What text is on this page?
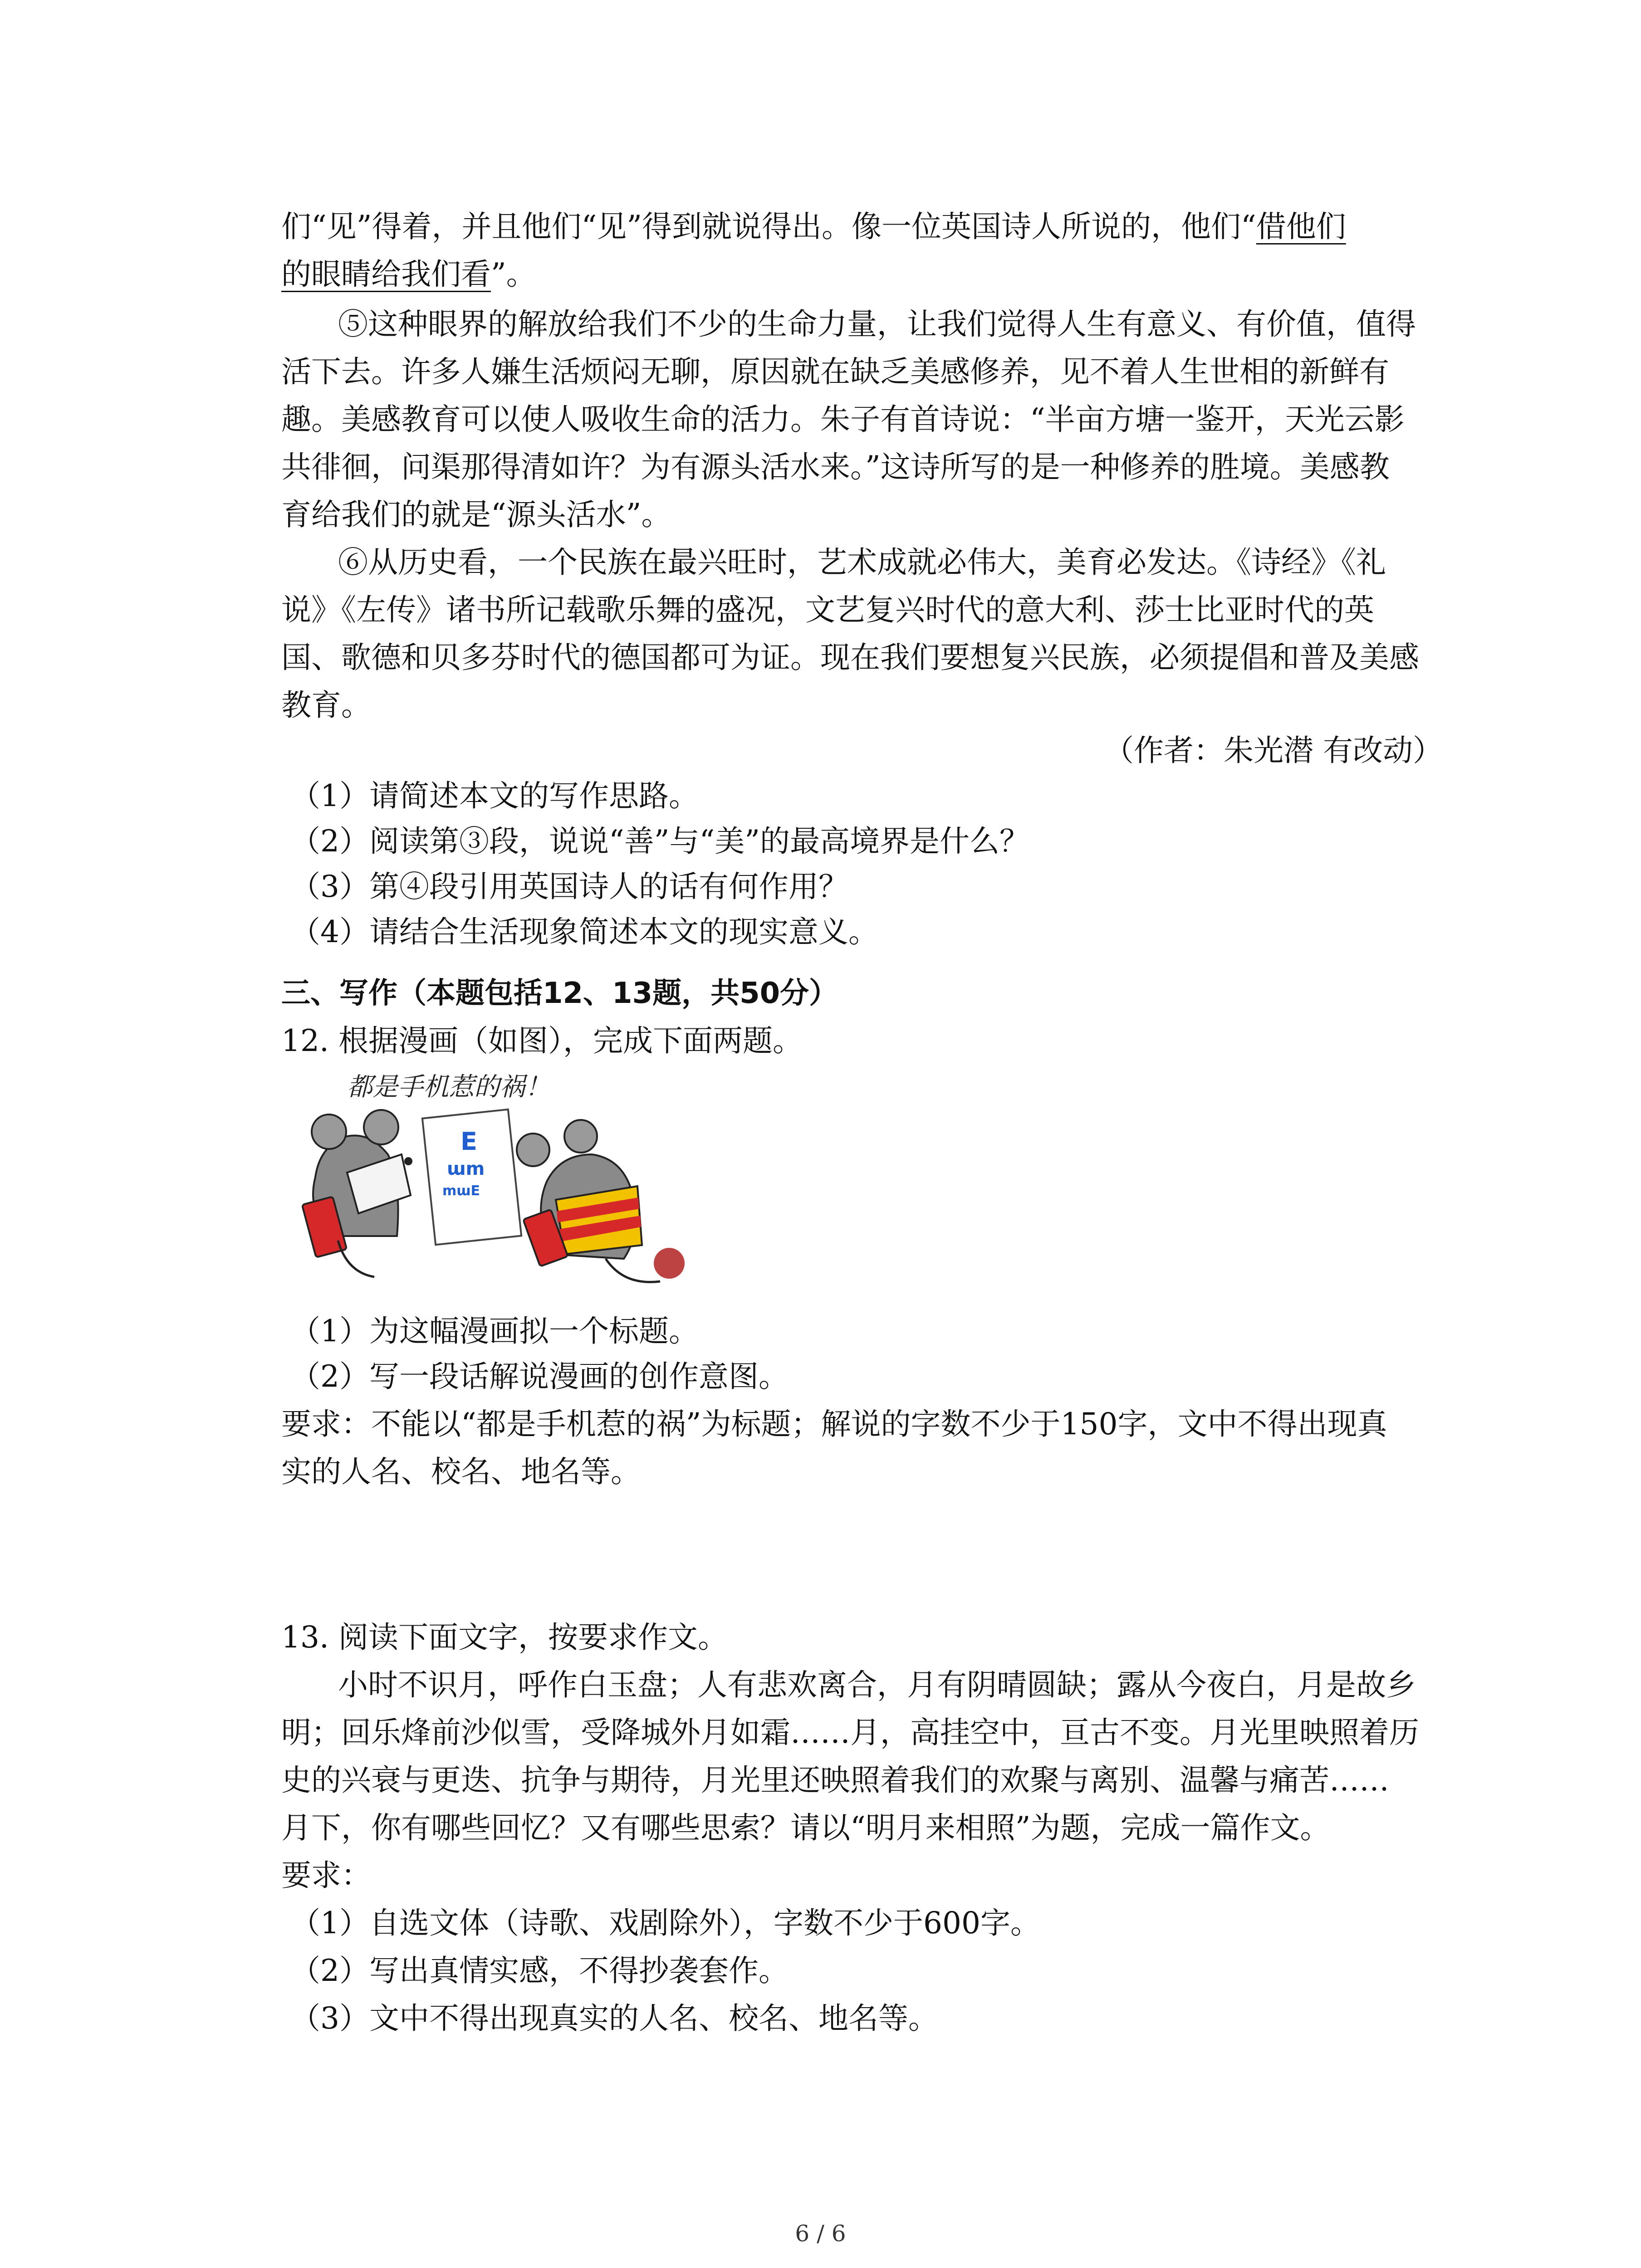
们“见”得着，并且他们“见”得到就说得出。像一位英国诗人所说的，他们“借他们
的眼睛给我们看”。
⑤这种眼界的解放给我们不少的生命力量，让我们觉得人生有意义、有价值，值得
活下去。许多人嫌生活烦闷无聊，原因就在缺乏美感修养，见不着人生世相的新鲜有
趣。美感教育可以使人吸收生命的活力。朱子有首诗说：“半亩方塘一鉴开，天光云影
共徘徊，问渠那得清如许？为有源头活水来。”这诗所写的是一种修养的胜境。美感教
育给我们的就是“源头活水”。
⑥从历史看，一个民族在最兴旺时，艺术成就必伟大，美育必发达。《诗经》《礼
说》《左传》诸书所记载歌乐舞的盛况，文艺复兴时代的意大利、莎士比亚时代的英
国、歌德和贝多芬时代的德国都可为证。现在我们要想复兴民族，必须提倡和普及美感
教育。
（作者：朱光潜 有改动）
（1）请简述本文的写作思路。
（2）阅读第③段，说说“善”与“美”的最高境界是什么？
（3）第④段引用英国诗人的话有何作用？
（4）请结合生活现象简述本文的现实意义。
三、写作（本题包括12、13题，共50分）
12. 根据漫画（如图），完成下面两题。
都是手机惹的祸！
E
ɯm
mɯE
（1）为这幅漫画拟一个标题。
（2）写一段话解说漫画的创作意图。
要求：不能以“都是手机惹的祸”为标题；解说的字数不少于150字，文中不得出现真
实的人名、校名、地名等。
13. 阅读下面文字，按要求作文。
小时不识月，呼作白玉盘；人有悲欢离合，月有阴晴圆缺；露从今夜白，月是故乡
明；回乐烽前沙似雪，受降城外月如霜……月，高挂空中，亘古不变。月光里映照着历
史的兴衰与更迭、抗争与期待，月光里还映照着我们的欢聚与离别、温馨与痛苦……
月下，你有哪些回忆？又有哪些思索？请以“明月来相照”为题，完成一篇作文。
要求：
（1）自选文体（诗歌、戏剧除外），字数不少于600字。
（2）写出真情实感，不得抄袭套作。
（3）文中不得出现真实的人名、校名、地名等。
6 / 6
